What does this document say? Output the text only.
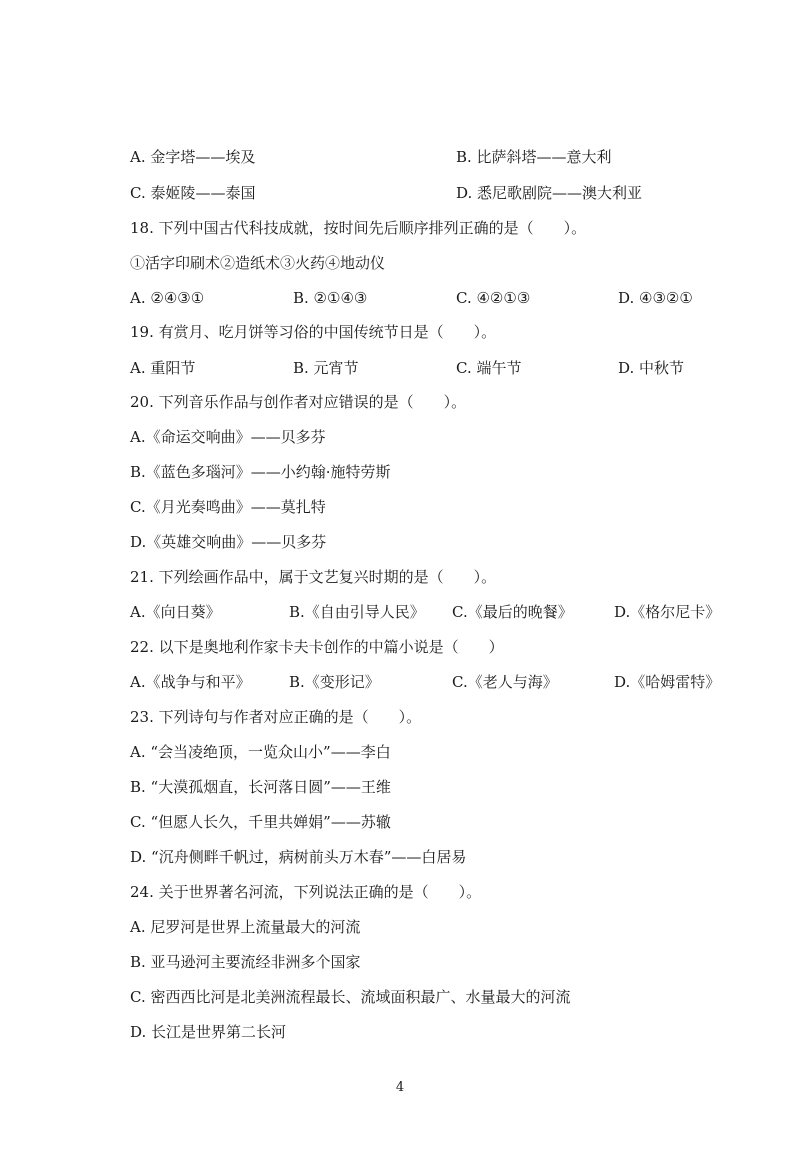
A. 金字塔——埃及	B. 比萨斜塔——意大利
C. 泰姬陵——泰国	D. 悉尼歌剧院——澳大利亚
18. 下列中国古代科技成就，按时间先后顺序排列正确的是（　　）。
①活字印刷术②造纸术③火药④地动仪
A. ②④③①	B. ②①④③	C. ④②①③	D. ④③②①
19. 有赏月、吃月饼等习俗的中国传统节日是（　　）。
A. 重阳节	B. 元宵节	C. 端午节	D. 中秋节
20. 下列音乐作品与创作者对应错误的是（　　）。
A.《命运交响曲》——贝多芬
B.《蓝色多瑙河》——小约翰·施特劳斯
C.《月光奏鸣曲》——莫扎特
D.《英雄交响曲》——贝多芬
21. 下列绘画作品中，属于文艺复兴时期的是（　　）。
A.《向日葵》	B.《自由引导人民》 C.《最后的晚餐》	D.《格尔尼卡》
22. 以下是奥地利作家卡夫卡创作的中篇小说是（　　）
A.《战争与和平》	B.《变形记》	C.《老人与海》	D.《哈姆雷特》
23. 下列诗句与作者对应正确的是（　　）。
A. “会当凌绝顶，一览众山小”——李白
B. “大漠孤烟直，长河落日圆”——王维
C. “但愿人长久，千里共婵娟”——苏辙
D. “沉舟侧畔千帆过，病树前头万木春”——白居易
24. 关于世界著名河流，下列说法正确的是（　　）。
A. 尼罗河是世界上流量最大的河流
B. 亚马逊河主要流经非洲多个国家
C. 密西西比河是北美洲流程最长、流域面积最广、水量最大的河流
D. 长江是世界第二长河
4
